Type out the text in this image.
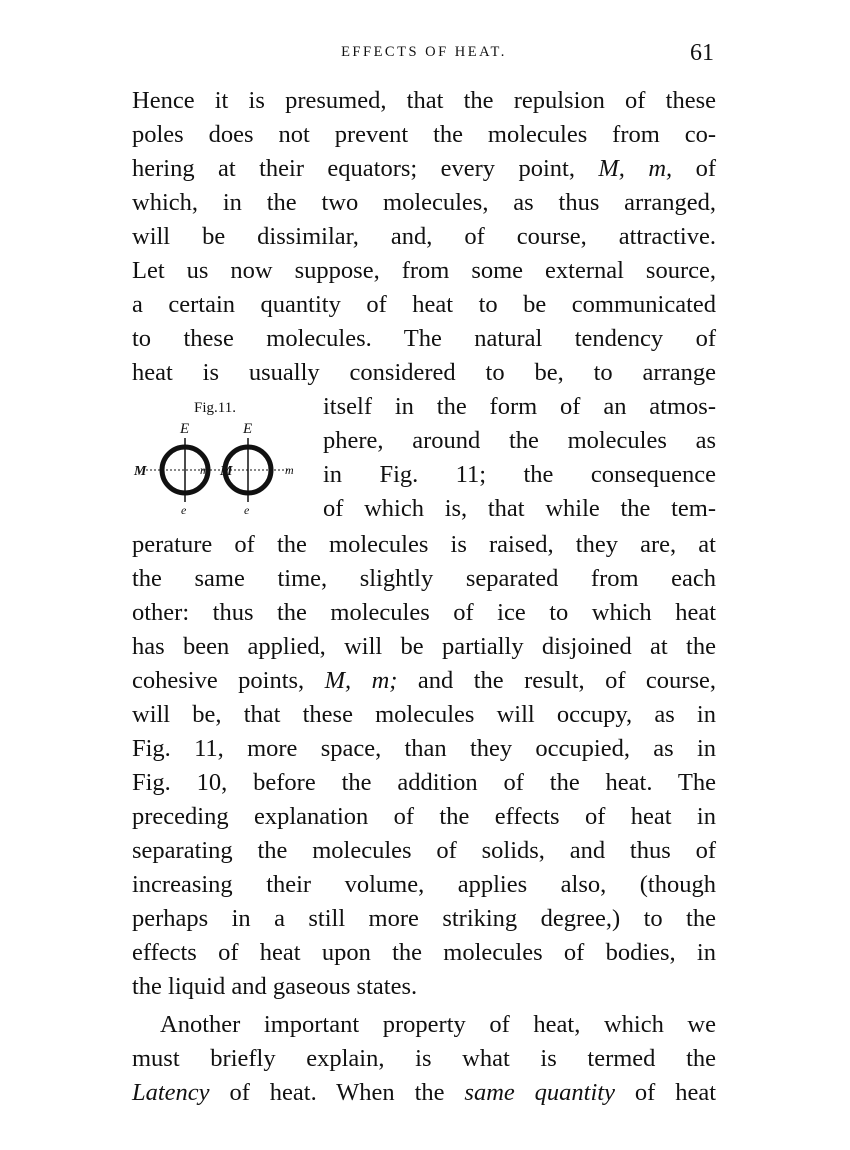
EFFECTS OF HEAT.	61
Hence it is presumed, that the repulsion of these
poles does not prevent the molecules from co-
hering at their equators; every point, M, m, of
which, in the two molecules, as thus arranged,
will be dissimilar, and, of course, attractive.
Let us now suppose, from some external source,
a certain quantity of heat to be communicated
to these molecules. The natural tendency of
heat is usually considered to be, to arrange
Fig.11.
E	E
M	m M	m
e	e
itself in the form of an atmos-
phere, around the molecules as
in Fig. 11; the consequence
of which is, that while the tem-
perature of the molecules is raised, they are, at
the same time, slightly separated from each
other: thus the molecules of ice to which heat
has been applied, will be partially disjoined at the
cohesive points, M, m; and the result, of course,
will be, that these molecules will occupy, as in
Fig. 11, more space, than they occupied, as in
Fig. 10, before the addition of the heat. The
preceding explanation of the effects of heat in
separating the molecules of solids, and thus of
increasing their volume, applies also, (though
perhaps in a still more striking degree,) to the
effects of heat upon the molecules of bodies, in
the liquid and gaseous states.
Another important property of heat, which we
must briefly explain, is what is termed the
Latency of heat. When the same quantity of heat
